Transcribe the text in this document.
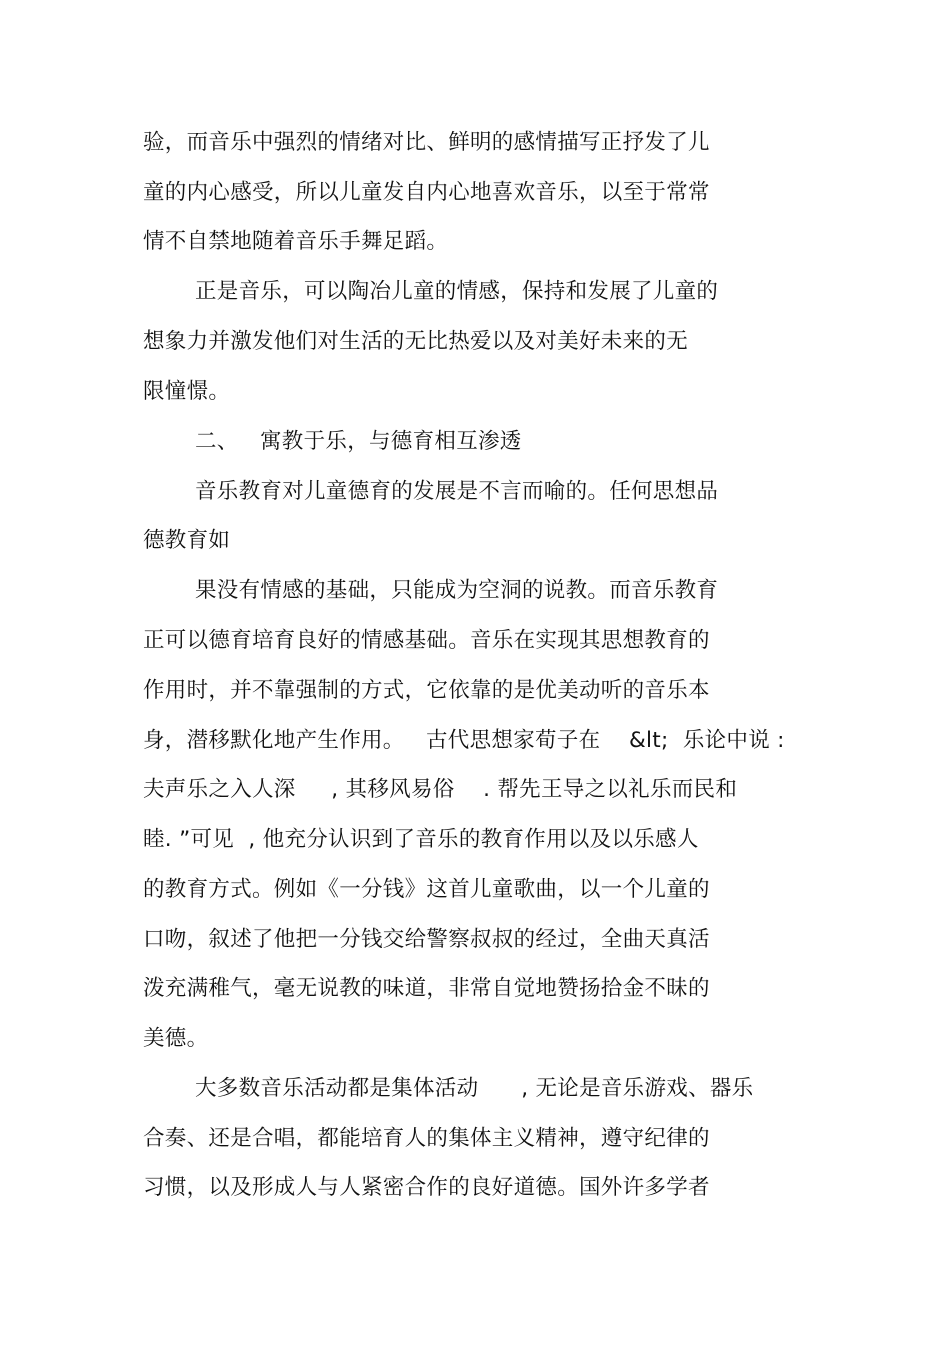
验，而音乐中强烈的情绪对比、鲜明的感情描写正抒发了儿
童的内心感受，所以儿童发自内心地喜欢音乐，以至于常常
情不自禁地随着音乐手舞足蹈。
正是音乐，可以陶冶儿童的情感，保持和发展了儿童的
想象力并激发他们对生活的无比热爱以及对美好未来的无
限憧憬。
二、   寓教于乐，与德育相互渗透
音乐教育对儿童德育的发展是不言而喻的。任何思想品
德教育如
果没有情感的基础，只能成为空洞的说教。而音乐教育
正可以德育培育良好的情感基础。音乐在实现其思想教育的
作用时，并不靠强制的方式，它依靠的是优美动听的音乐本
身，潜移默化地产生作用。   古代思想家荀子在    &lt;  乐论中说 :
夫声乐之入人深     , 其移风易俗    . 帮先王导之以礼乐而民和
睦. ”可见  , 他充分认识到了音乐的教育作用以及以乐感人
的教育方式。例如《一分钱》这首儿童歌曲，以一个儿童的
口吻，叙述了他把一分钱交给警察叔叔的经过，全曲天真活
泼充满稚气，毫无说教的味道，非常自觉地赞扬拾金不昧的
美德。
大多数音乐活动都是集体活动      , 无论是音乐游戏、器乐
合奏、还是合唱，都能培育人的集体主义精神，遵守纪律的
习惯，以及形成人与人紧密合作的良好道德。国外许多学者
